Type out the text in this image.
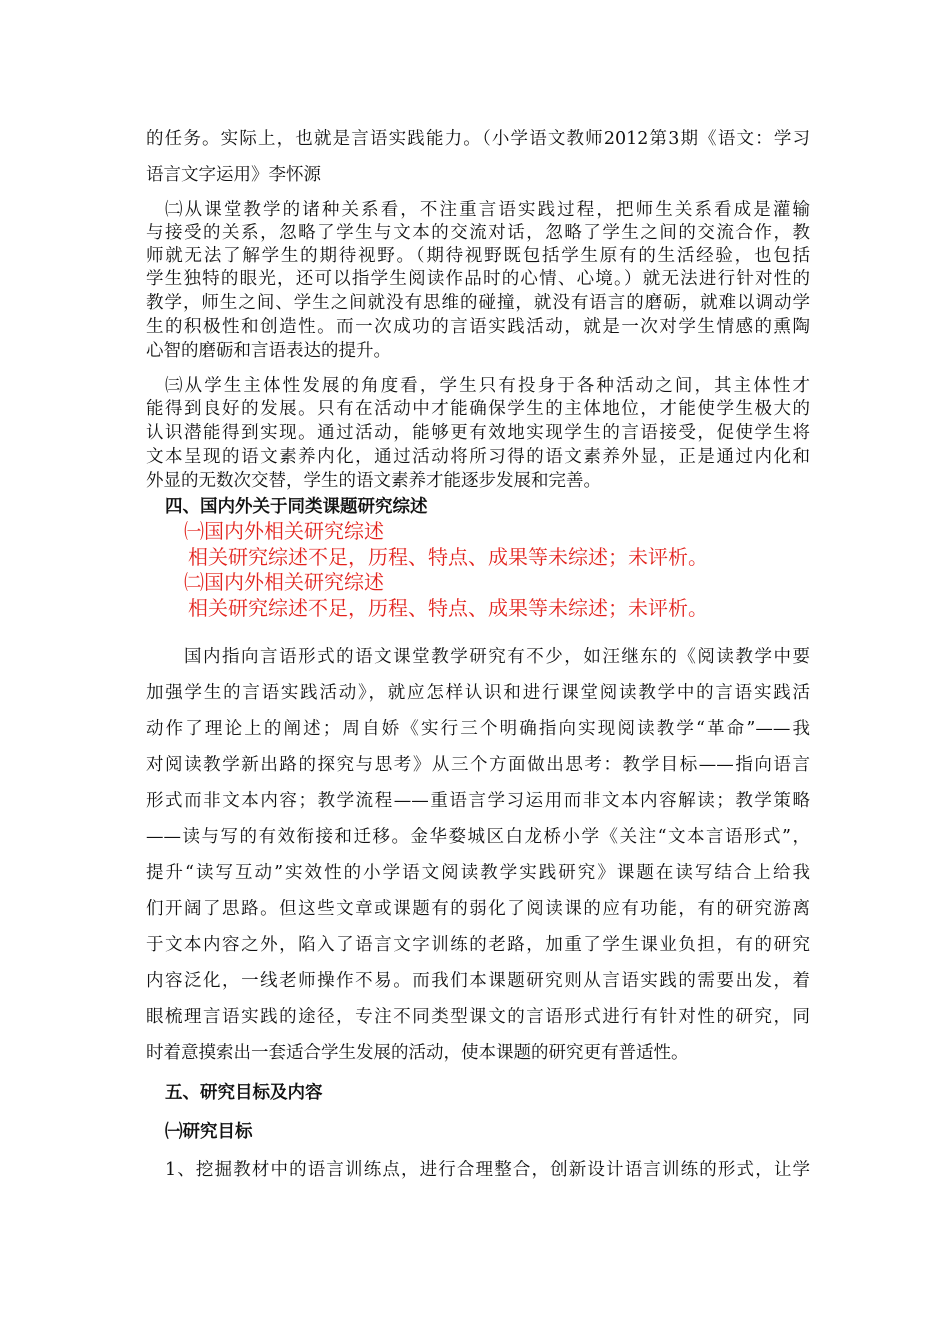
的任务。实际上，也就是言语实践能力。（小学语文教师2012第3期《语文：学习
语言文字运用》李怀源
㈡从课堂教学的诸种关系看，不注重言语实践过程，把师生关系看成是灌输
与接受的关系，忽略了学生与文本的交流对话，忽略了学生之间的交流合作，教
师就无法了解学生的期待视野。（期待视野既包括学生原有的生活经验，也包括
学生独特的眼光，还可以指学生阅读作品时的心情、心境。）就无法进行针对性的
教学，师生之间、学生之间就没有思维的碰撞，就没有语言的磨砺，就难以调动学
生的积极性和创造性。而一次成功的言语实践活动，就是一次对学生情感的熏陶
心智的磨砺和言语表达的提升。
㈢从学生主体性发展的角度看，学生只有投身于各种活动之间，其主体性才
能得到良好的发展。只有在活动中才能确保学生的主体地位，才能使学生极大的
认识潜能得到实现。通过活动，能够更有效地实现学生的言语接受，促使学生将
文本呈现的语文素养内化，通过活动将所习得的语文素养外显，正是通过内化和
外显的无数次交替，学生的语文素养才能逐步发展和完善。
四、国内外关于同类课题研究综述
㈠国内外相关研究综述
相关研究综述不足，历程、特点、成果等未综述；未评析。
㈡国内外相关研究综述
相关研究综述不足，历程、特点、成果等未综述；未评析。
国内指向言语形式的语文课堂教学研究有不少，如汪继东的《阅读教学中要
加强学生的言语实践活动》，就应怎样认识和进行课堂阅读教学中的言语实践活
动作了理论上的阐述；周自娇《实行三个明确指向实现阅读教学“革命”——我
对阅读教学新出路的探究与思考》从三个方面做出思考：教学目标——指向语言
形式而非文本内容；教学流程——重语言学习运用而非文本内容解读；教学策略
——读与写的有效衔接和迁移。金华婺城区白龙桥小学《关注“文本言语形式”，
提升“读写互动”实效性的小学语文阅读教学实践研究》课题在读写结合上给我
们开阔了思路。但这些文章或课题有的弱化了阅读课的应有功能，有的研究游离
于文本内容之外，陷入了语言文字训练的老路，加重了学生课业负担，有的研究
内容泛化，一线老师操作不易。而我们本课题研究则从言语实践的需要出发，着
眼梳理言语实践的途径，专注不同类型课文的言语形式进行有针对性的研究，同
时着意摸索出一套适合学生发展的活动，使本课题的研究更有普适性。
五、研究目标及内容
㈠研究目标
1、挖掘教材中的语言训练点，进行合理整合，创新设计语言训练的形式，让学
